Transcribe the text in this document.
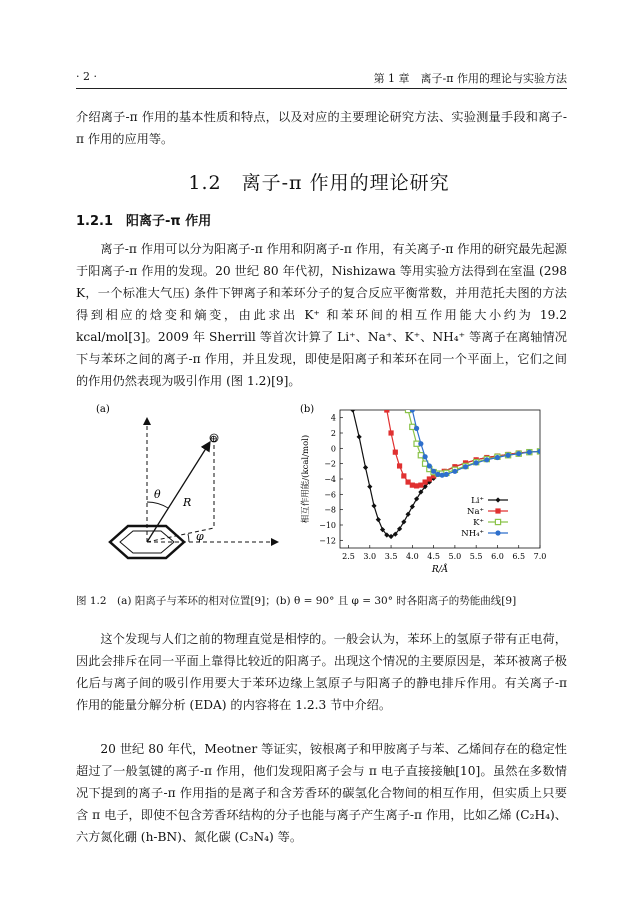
· 2 ·	第 1 章　离子-π 作用的理论与实验方法

介绍离子-π 作用的基本性质和特点，以及对应的主要理论研究方法、实验测量手段和离子-π 作用的应用等。

1.2　离子-π 作用的理论研究
1.2.1　阳离子-π 作用

离子-π 作用可以分为阳离子-π 作用和阴离子-π 作用，有关离子-π 作用的研究最先起源于阳离子-π 作用的发现。20 世纪 80 年代初，Nishizawa 等用实验方法得到在室温 (298 K，一个标准大气压) 条件下钾离子和苯环分子的复合反应平衡常数，并用范托夫图的方法得到相应的焓变和熵变，由此求出 K⁺ 和苯环间的相互作用能大小约为 19.2 kcal/mol[3]。2009 年 Sherrill 等首次计算了 Li⁺、Na⁺、K⁺、NH₄⁺ 等离子在离轴情况下与苯环之间的离子-π 作用，并且发现，即使是阳离子和苯环在同一个平面上，它们之间的作用仍然表现为吸引作用 (图 1.2)[9]。

(a)
⊕
θ
R
φ
(b)
4
2
0
−2
−4
−6
−8
−10
−12
2.5 3.0 3.5 4.0 4.5 5.0 5.5 6.0 6.5 7.0
R/Å
相互作用能/(kcal/mol)	Li⁺
Na⁺
K⁺
NH₄⁺
图 1.2　(a) 阳离子与苯环的相对位置[9]；(b) θ = 90° 且 φ = 30° 时各阳离子的势能曲线[9]

这个发现与人们之前的物理直觉是相悖的。一般会认为，苯环上的氢原子带有正电荷，因此会排斥在同一平面上靠得比较近的阳离子。出现这个情况的主要原因是，苯环被离子极化后与离子间的吸引作用要大于苯环边缘上氢原子与阳离子的静电排斥作用。有关离子-π 作用的能量分解分析 (EDA) 的内容将在 1.2.3 节中介绍。

20 世纪 80 年代，Meotner 等证实，铵根离子和甲胺离子与苯、乙烯间存在的稳定性超过了一般氢键的离子-π 作用，他们发现阳离子会与 π 电子直接接触[10]。虽然在多数情况下提到的离子-π 作用指的是离子和含芳香环的碳氢化合物间的相互作用，但实质上只要含 π 电子，即使不包含芳香环结构的分子也能与离子产生离子-π 作用，比如乙烯 (C₂H₄)、六方氮化硼 (h-BN)、氮化碳 (C₃N₄) 等。
